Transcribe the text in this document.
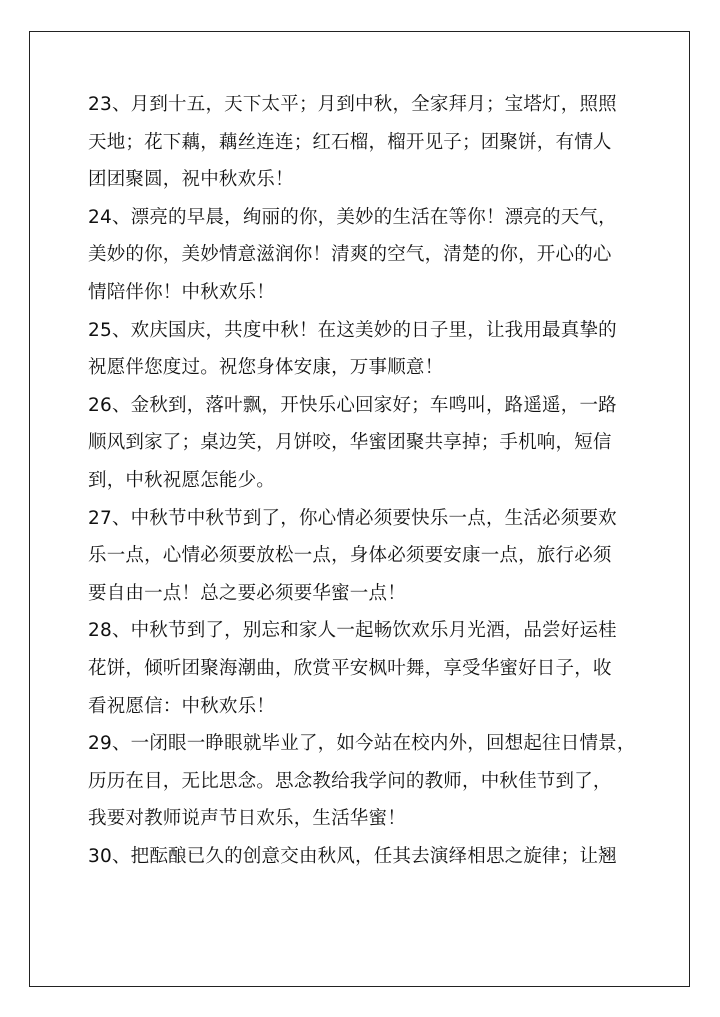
23、月到十五，天下太平；月到中秋，全家拜月；宝塔灯，照照
天地；花下藕，藕丝连连；红石榴，榴开见子；团聚饼，有情人
团团聚圆，祝中秋欢乐！
24、漂亮的早晨，绚丽的你，美妙的生活在等你！漂亮的天气，
美妙的你，美妙情意滋润你！清爽的空气，清楚的你，开心的心
情陪伴你！中秋欢乐！
25、欢庆国庆，共度中秋！在这美妙的日子里，让我用最真挚的
祝愿伴您度过。祝您身体安康，万事顺意！
26、金秋到，落叶飘，开快乐心回家好；车鸣叫，路遥遥，一路
顺风到家了；桌边笑，月饼咬，华蜜团聚共享掉；手机响，短信
到，中秋祝愿怎能少。
27、中秋节中秋节到了，你心情必须要快乐一点，生活必须要欢
乐一点，心情必须要放松一点，身体必须要安康一点，旅行必须
要自由一点！总之要必须要华蜜一点！
28、中秋节到了，别忘和家人一起畅饮欢乐月光酒，品尝好运桂
花饼，倾听团聚海潮曲，欣赏平安枫叶舞，享受华蜜好日子，收
看祝愿信：中秋欢乐！
29、一闭眼一睁眼就毕业了，如今站在校内外，回想起往日情景，
历历在目，无比思念。思念教给我学问的教师，中秋佳节到了，
我要对教师说声节日欢乐，生活华蜜！
30、把酝酿已久的创意交由秋风，任其去演绎相思之旋律；让翘
